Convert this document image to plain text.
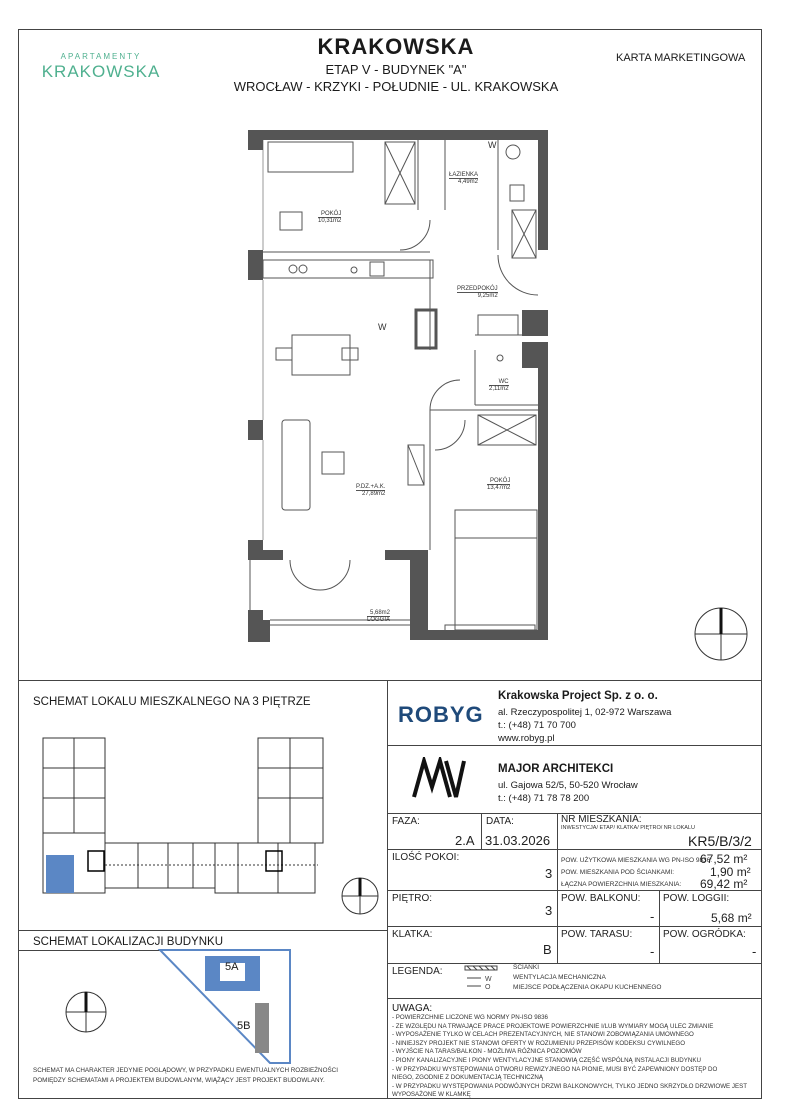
APARTAMENTY
KRAKOWSKA
KRAKOWSKA
ETAP V - BUDYNEK "A"
WROCŁAW - KRZYKI - POŁUDNIE - UL. KRAKOWSKA
KARTA MARKETINGOWA
W
W
POKÓJ
10,31m2
ŁAZIENKA
4,49m2
PRZEDPOKÓJ
9,25m2
WC
2,11m2
P.DZ.+A.K.
27,89m2
POKÓJ
13,47m2
5,68m2
LOGGIA
SCHEMAT LOKALU MIESZKALNEGO NA 3 PIĘTRZE
SCHEMAT LOKALIZACJI BUDYNKU
5A
5B
SCHEMAT MA CHARAKTER JEDYNIE POGLĄDOWY, W PRZYPADKU EWENTUALNYCH ROZBIEŻNOŚCI
POMIĘDZY SCHEMATAMI A PROJEKTEM BUDOWLANYM, WIĄŻĄCY JEST PROJEKT BUDOWLANY.
ROBYG
Krakowska Project Sp. z o. o.
al. Rzeczypospolitej 1, 02-972 Warszawa
t.: (+48) 71 70 700
www.robyg.pl
MAJOR ARCHITEKCI
ul. Gajowa 52/5, 50-520 Wrocław
t.: (+48) 71 78 78 200
FAZA:
2.A
DATA:
31.03.2026
NR MIESZKANIA:
INWESTYCJA/ ETAP/ KLATKA/ PIĘTRO/ NR LOKALU
KR5/B/3/2
ILOŚĆ POKOI:
3
POW. UŻYTKOWA MIESZKANIA WG PN-ISO 9836:
67,52 m²
POW. MIESZKANIA POD ŚCIANKAMI:	1,90 m²
ŁĄCZNA POWIERZCHNIA MIESZKANIA: 69,42 m²
PIĘTRO:
3
POW. BALKONU:
-
POW. LOGGII:
5,68 m²
KLATKA:
B
POW. TARASU:
-
POW. OGRÓDKA:
-
LEGENDA:
W
O
ŚCIANKI
WENTYLACJA MECHANICZNA
MIEJSCE PODŁĄCZENIA OKAPU KUCHENNEGO
UWAGA:
- POWIERZCHNIE LICZONE WG NORMY PN-ISO 9836
- ZE WZGLĘDU NA TRWAJĄCE PRACE PROJEKTOWE POWIERZCHNIE I/LUB WYMIARY MOGĄ ULEC ZMIANIE
- WYPOSAŻENIE TYLKO W CELACH PREZENTACYJNYCH, NIE STANOWI ZOBOWIĄZANIA UMOWNEGO
- NINIEJSZY PROJEKT NIE STANOWI OFERTY W ROZUMIENIU PRZEPISÓW KODEKSU CYWILNEGO
- WYJŚCIE NA TARAS/BALKON - MOŻLIWA RÓŻNICA POZIOMÓW
- PIONY KANALIZACYJNE I PIONY WENTYLACYJNE STANOWIĄ CZĘŚĆ WSPÓLNĄ INSTALACJI BUDYNKU
- W PRZYPADKU WYSTĘPOWANIA OTWORU REWIZYJNEGO NA PIONIE, MUSI BYĆ ZAPEWNIONY DOSTĘP DO
NIEGO, ZGODNIE Z DOKUMENTACJĄ TECHNICZNĄ
- W PRZYPADKU WYSTĘPOWANIA PODWÓJNYCH DRZWI BALKONOWYCH, TYLKO JEDNO SKRZYDŁO DRZWIOWE JEST
WYPOSAŻONE W KLAMKĘ
